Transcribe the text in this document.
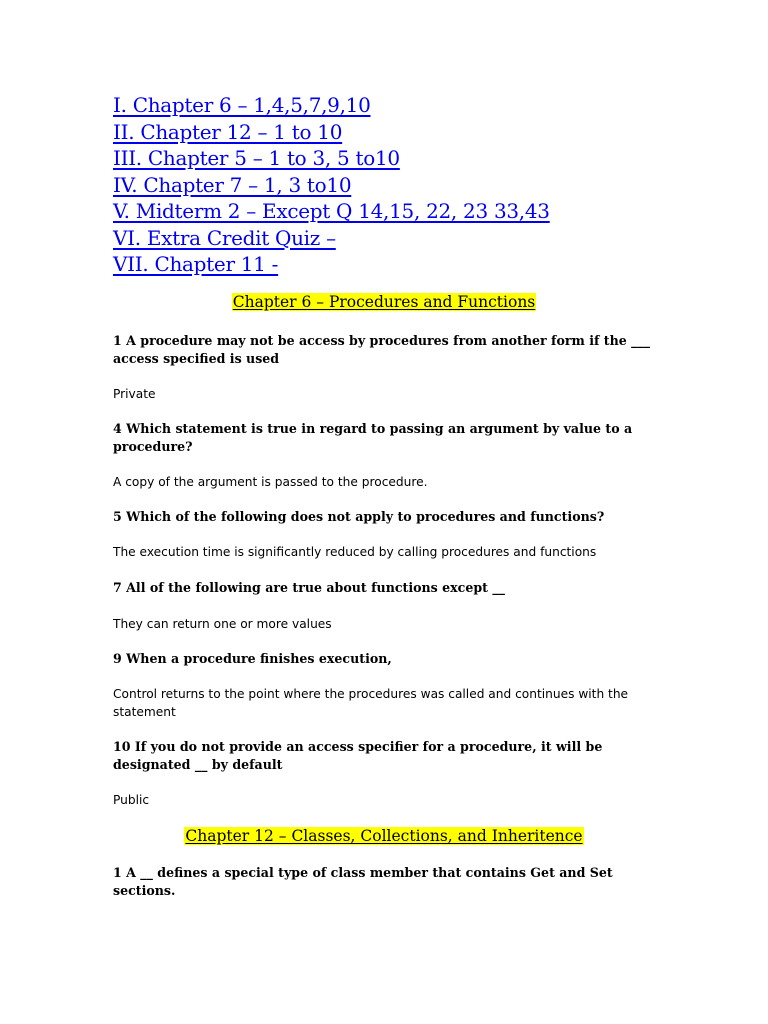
I. Chapter 6 – 1,4,5,7,9,10
II. Chapter 12 – 1 to 10
III. Chapter 5 – 1 to 3, 5 to10
IV. Chapter 7 – 1, 3 to10
V. Midterm 2 – Except Q 14,15, 22, 23 33,43
VI. Extra Credit Quiz –
VII. Chapter 11 -
Chapter 6 – Procedures and Functions

1 A procedure may not be access by procedures from another form if the ___ access specified is used

Private

4 Which statement is true in regard to passing an argument by value to a procedure?

A copy of the argument is passed to the procedure.

5 Which of the following does not apply to procedures and functions?

The execution time is significantly reduced by calling procedures and functions

7 All of the following are true about functions except __

They can return one or more values

9 When a procedure finishes execution,

Control returns to the point where the procedures was called and continues with the statement

10 If you do not provide an access specifier for a procedure, it will be designated __ by default

Public

Chapter 12 – Classes, Collections, and Inheritence

1 A __ defines a special type of class member that contains Get and Set sections.
